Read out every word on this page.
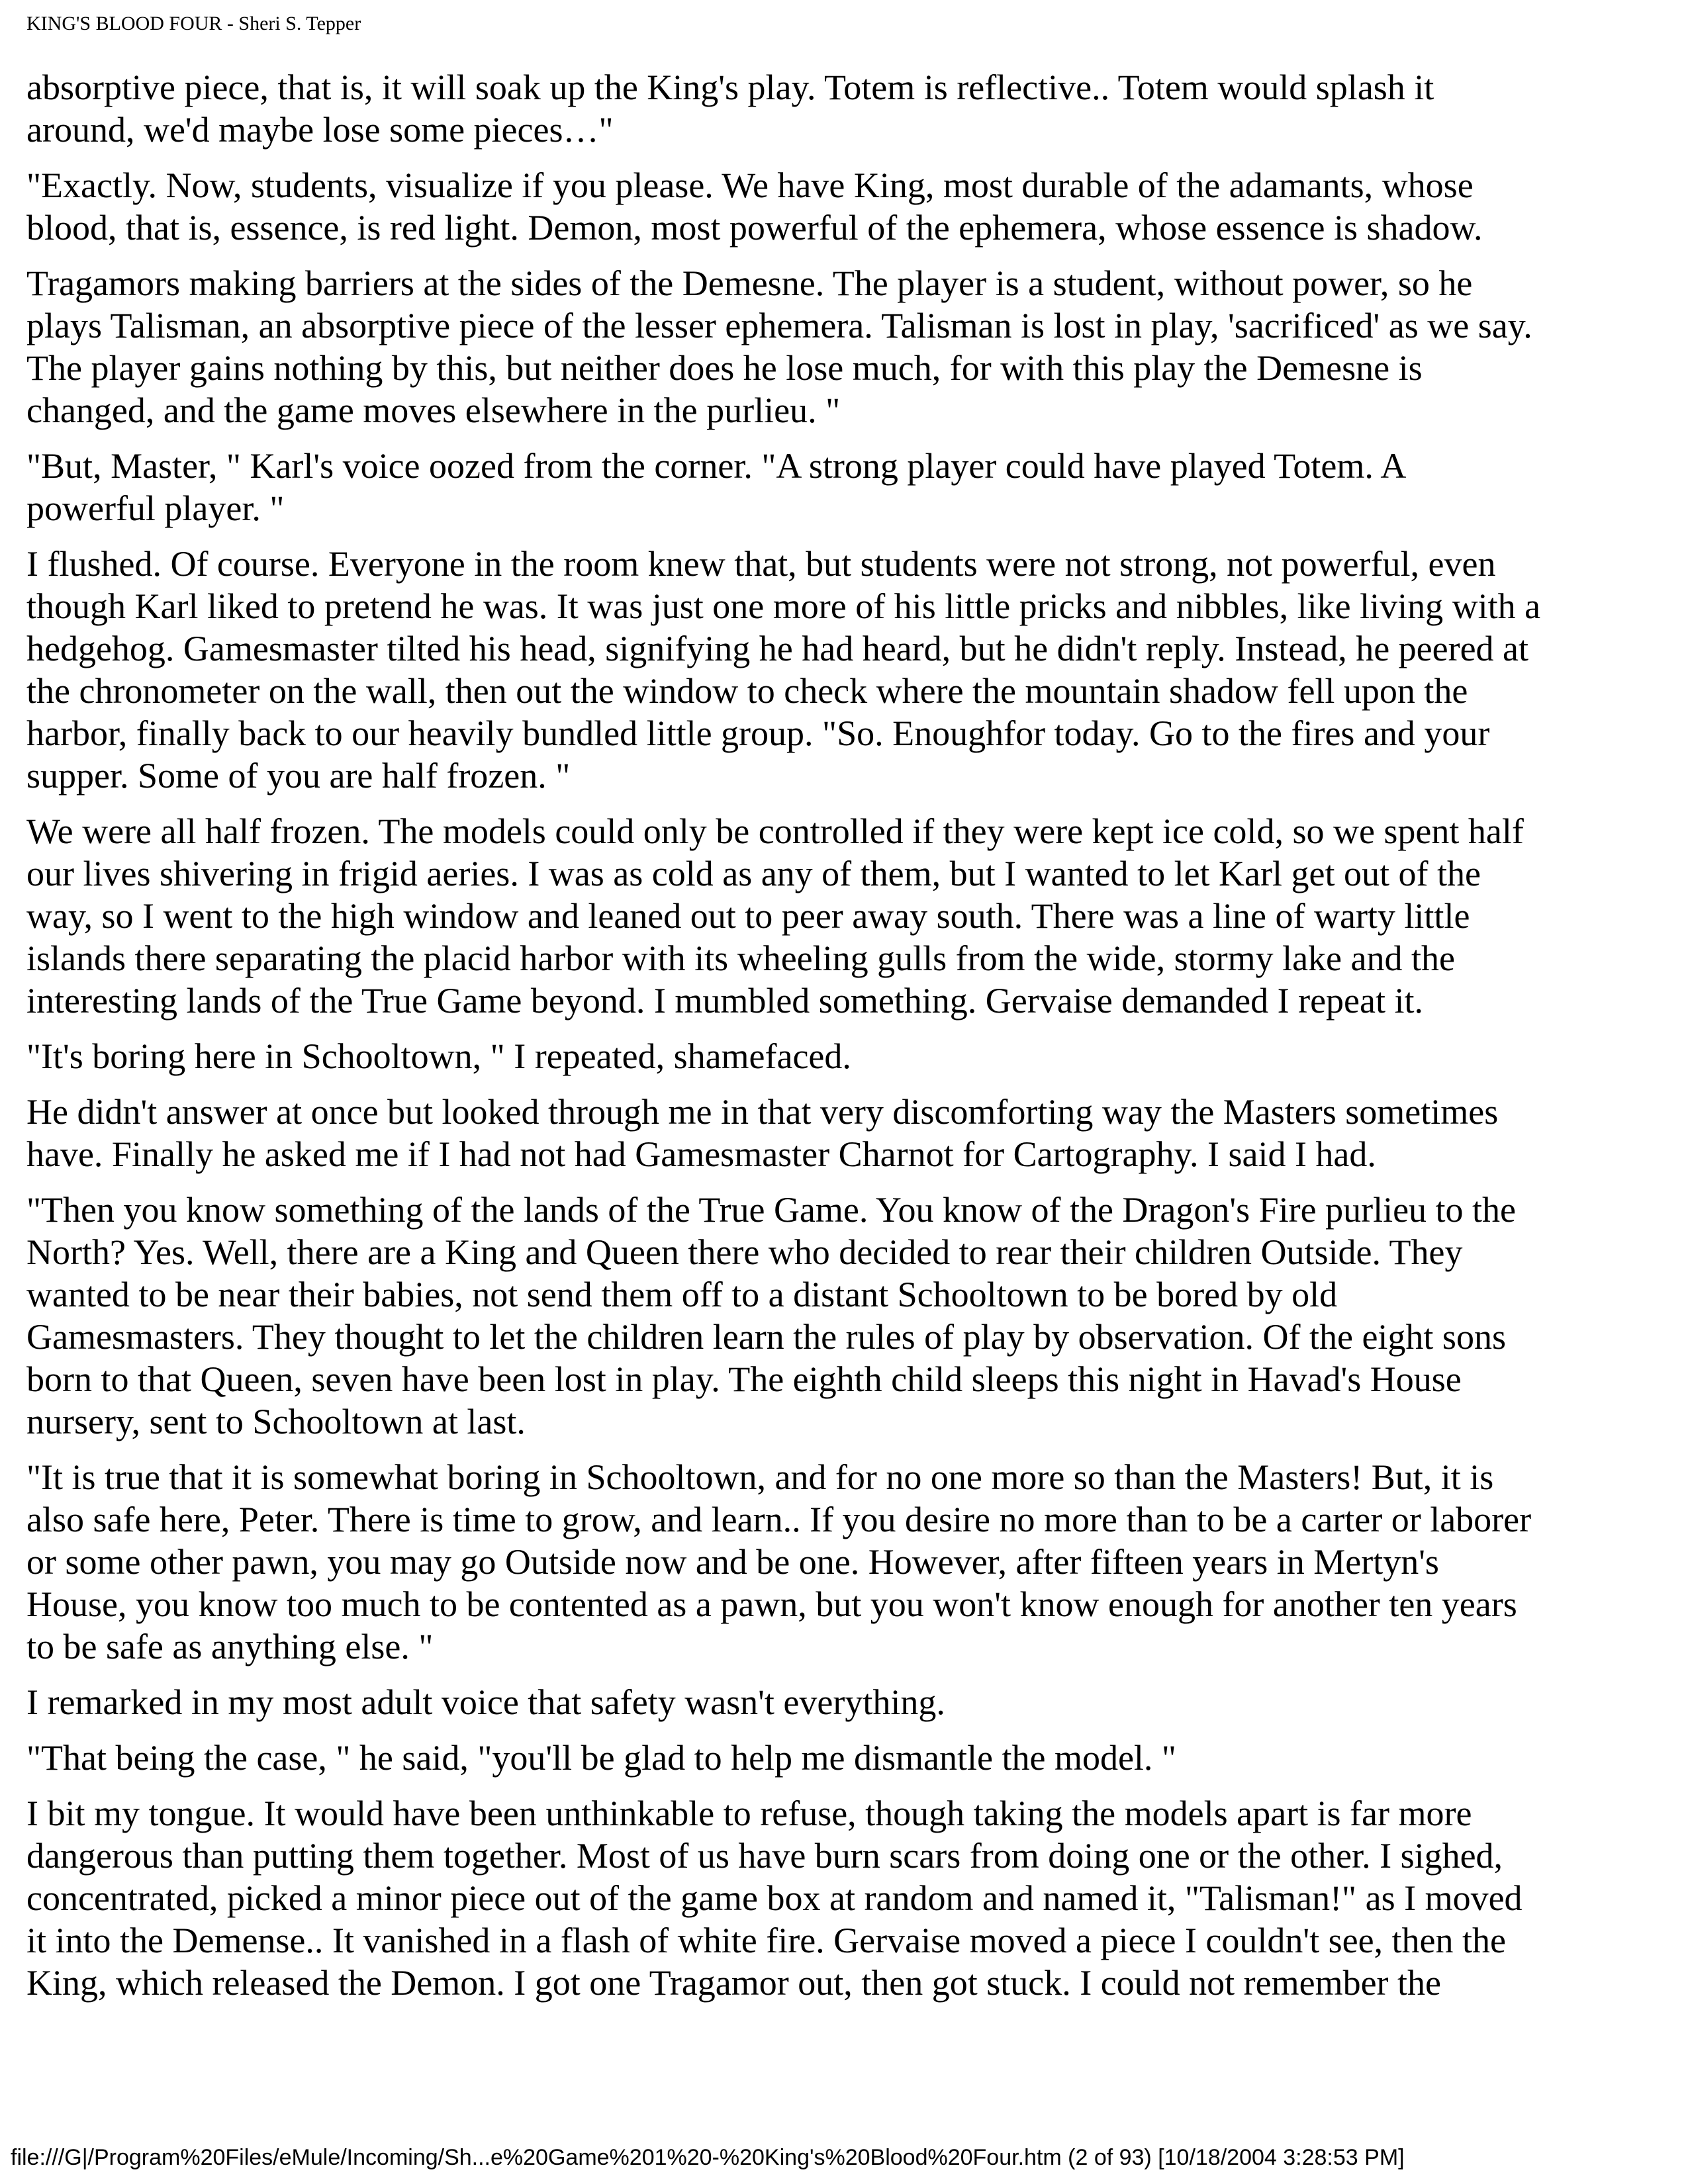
KING'S BLOOD FOUR - Sheri S. Tepper

absorptive piece, that is, it will soak up the King's play. Totem is reflective.. Totem would splash it
around, we'd maybe lose some pieces…"

"Exactly. Now, students, visualize if you please. We have King, most durable of the adamants, whose
blood, that is, essence, is red light. Demon, most powerful of the ephemera, whose essence is shadow.

Tragamors making barriers at the sides of the Demesne. The player is a student, without power, so he
plays Talisman, an absorptive piece of the lesser ephemera. Talisman is lost in play, 'sacrificed' as we say.
The player gains nothing by this, but neither does he lose much, for with this play the Demesne is
changed, and the game moves elsewhere in the purlieu. "

"But, Master, " Karl's voice oozed from the corner. "A strong player could have played Totem. A
powerful player. "

I flushed. Of course. Everyone in the room knew that, but students were not strong, not powerful, even
though Karl liked to pretend he was. It was just one more of his little pricks and nibbles, like living with a
hedgehog. Gamesmaster tilted his head, signifying he had heard, but he didn't reply. Instead, he peered at
the chronometer on the wall, then out the window to check where the mountain shadow fell upon the
harbor, finally back to our heavily bundled little group. "So. Enoughfor today. Go to the fires and your
supper. Some of you are half frozen. "

We were all half frozen. The models could only be controlled if they were kept ice cold, so we spent half
our lives shivering in frigid aeries. I was as cold as any of them, but I wanted to let Karl get out of the
way, so I went to the high window and leaned out to peer away south. There was a line of warty little
islands there separating the placid harbor with its wheeling gulls from the wide, stormy lake and the
interesting lands of the True Game beyond. I mumbled something. Gervaise demanded I repeat it.

"It's boring here in Schooltown, " I repeated, shamefaced.

He didn't answer at once but looked through me in that very discomforting way the Masters sometimes
have. Finally he asked me if I had not had Gamesmaster Charnot for Cartography. I said I had.

"Then you know something of the lands of the True Game. You know of the Dragon's Fire purlieu to the
North? Yes. Well, there are a King and Queen there who decided to rear their children Outside. They
wanted to be near their babies, not send them off to a distant Schooltown to be bored by old
Gamesmasters. They thought to let the children learn the rules of play by observation. Of the eight sons
born to that Queen, seven have been lost in play. The eighth child sleeps this night in Havad's House
nursery, sent to Schooltown at last.

"It is true that it is somewhat boring in Schooltown, and for no one more so than the Masters! But, it is
also safe here, Peter. There is time to grow, and learn.. If you desire no more than to be a carter or laborer
or some other pawn, you may go Outside now and be one. However, after fifteen years in Mertyn's
House, you know too much to be contented as a pawn, but you won't know enough for another ten years
to be safe as anything else. "

I remarked in my most adult voice that safety wasn't everything.

"That being the case, " he said, "you'll be glad to help me dismantle the model. "

I bit my tongue. It would have been unthinkable to refuse, though taking the models apart is far more
dangerous than putting them together. Most of us have burn scars from doing one or the other. I sighed,
concentrated, picked a minor piece out of the game box at random and named it, "Talisman!" as I moved
it into the Demense.. It vanished in a flash of white fire. Gervaise moved a piece I couldn't see, then the
King, which released the Demon. I got one Tragamor out, then got stuck. I could not remember the

file:///G|/Program%20Files/eMule/Incoming/Sh...e%20Game%201%20-%20King's%20Blood%20Four.htm (2 of 93) [10/18/2004 3:28:53 PM]
